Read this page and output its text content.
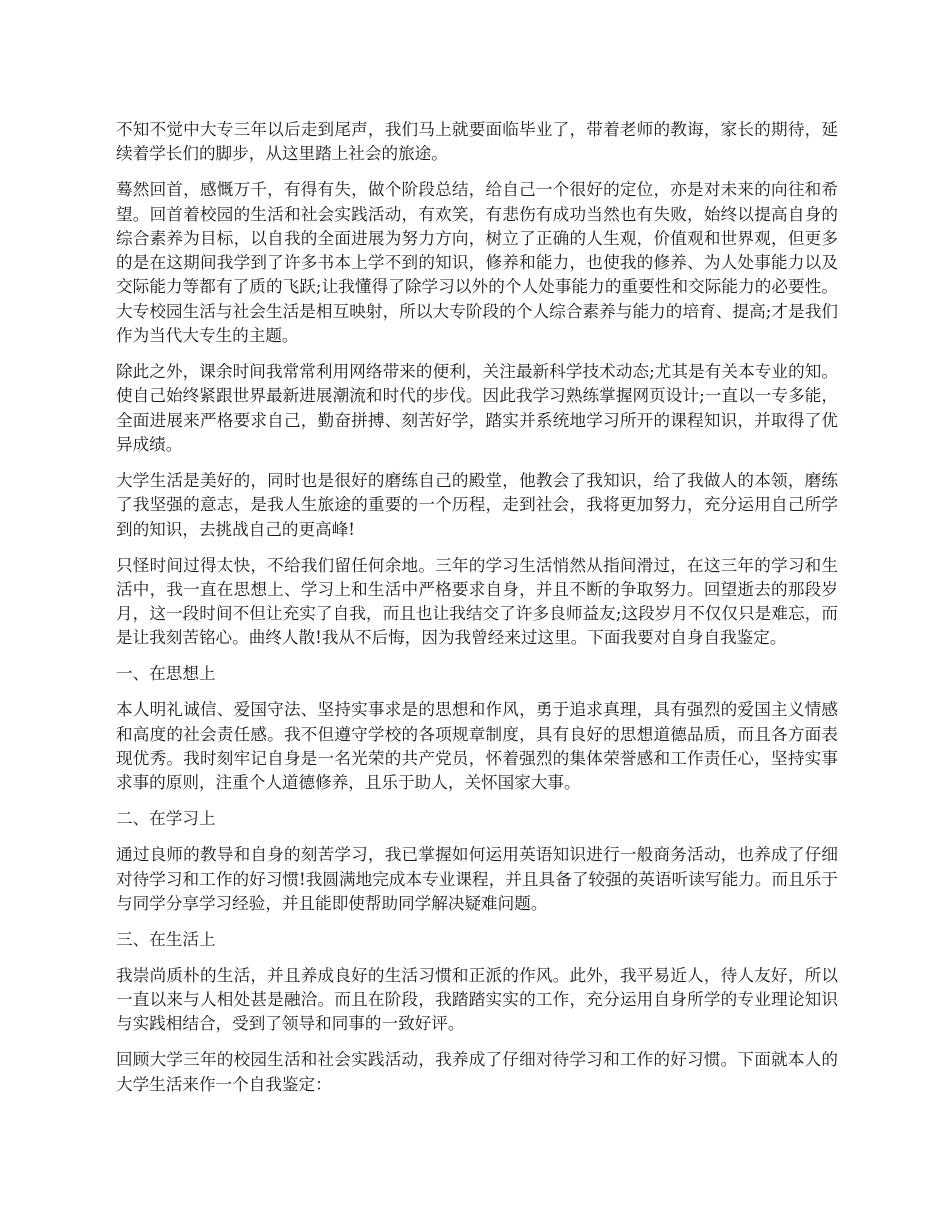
不知不觉中大专三年以后走到尾声，我们马上就要面临毕业了，带着老师的教诲，家长的期待，延续着学长们的脚步，从这里踏上社会的旅途。

蓦然回首，感慨万千，有得有失，做个阶段总结，给自己一个很好的定位，亦是对未来的向往和希望。回首着校园的生活和社会实践活动，有欢笑，有悲伤有成功当然也有失败，始终以提高自身的综合素养为目标，以自我的全面进展为努力方向，树立了正确的人生观，价值观和世界观，但更多的是在这期间我学到了许多书本上学不到的知识，修养和能力，也使我的修养、为人处事能力以及交际能力等都有了质的飞跃;让我懂得了除学习以外的个人处事能力的重要性和交际能力的必要性。大专校园生活与社会生活是相互映射，所以大专阶段的个人综合素养与能力的培育、提高;才是我们作为当代大专生的主题。

除此之外，课余时间我常常利用网络带来的便利，关注最新科学技术动态;尤其是有关本专业的知。使自己始终紧跟世界最新进展潮流和时代的步伐。因此我学习熟练掌握网页设计;一直以一专多能，全面进展来严格要求自己，勤奋拼搏、刻苦好学，踏实并系统地学习所开的课程知识，并取得了优异成绩。

大学生活是美好的，同时也是很好的磨练自己的殿堂，他教会了我知识，给了我做人的本领，磨练了我坚强的意志，是我人生旅途的重要的一个历程，走到社会，我将更加努力，充分运用自己所学到的知识，去挑战自己的更高峰!

只怪时间过得太快，不给我们留任何余地。三年的学习生活悄然从指间滑过，在这三年的学习和生活中，我一直在思想上、学习上和生活中严格要求自身，并且不断的争取努力。回望逝去的那段岁月，这一段时间不但让充实了自我，而且也让我结交了许多良师益友;这段岁月不仅仅只是难忘，而是让我刻苦铭心。曲终人散!我从不后悔，因为我曾经来过这里。下面我要对自身自我鉴定。

一、在思想上

本人明礼诚信、爱国守法、坚持实事求是的思想和作风，勇于追求真理，具有强烈的爱国主义情感和高度的社会责任感。我不但遵守学校的各项规章制度，具有良好的思想道德品质，而且各方面表现优秀。我时刻牢记自身是一名光荣的共产党员，怀着强烈的集体荣誉感和工作责任心，坚持实事求事的原则，注重个人道德修养，且乐于助人，关怀国家大事。

二、在学习上

通过良师的教导和自身的刻苦学习，我已掌握如何运用英语知识进行一般商务活动，也养成了仔细对待学习和工作的好习惯!我圆满地完成本专业课程，并且具备了较强的英语听读写能力。而且乐于与同学分享学习经验，并且能即使帮助同学解决疑难问题。

三、在生活上

我崇尚质朴的生活，并且养成良好的生活习惯和正派的作风。此外，我平易近人，待人友好，所以一直以来与人相处甚是融洽。而且在阶段，我踏踏实实的工作，充分运用自身所学的专业理论知识与实践相结合，受到了领导和同事的一致好评。

回顾大学三年的校园生活和社会实践活动，我养成了仔细对待学习和工作的好习惯。下面就本人的大学生活来作一个自我鉴定：
